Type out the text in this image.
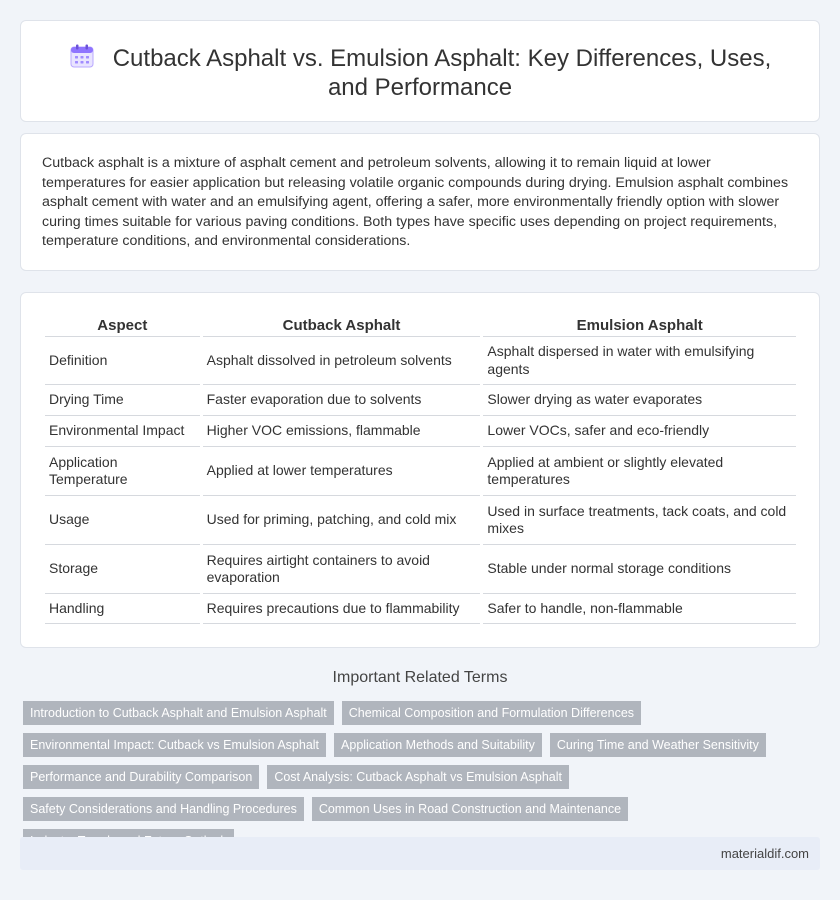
Cutback Asphalt vs. Emulsion Asphalt: Key Differences, Uses, and Performance

Cutback asphalt is a mixture of asphalt cement and petroleum solvents, allowing it to remain liquid at lower temperatures for easier application but releasing volatile organic compounds during drying. Emulsion asphalt combines asphalt cement with water and an emulsifying agent, offering a safer, more environmentally friendly option with slower curing times suitable for various paving conditions. Both types have specific uses depending on project requirements, temperature conditions, and environmental considerations.

Aspect	Cutback Asphalt	Emulsion Asphalt
Definition	Asphalt dissolved in petroleum solvents	Asphalt dispersed in water with emulsifying agents
Drying Time	Faster evaporation due to solvents	Slower drying as water evaporates
Environmental Impact	Higher VOC emissions, flammable	Lower VOCs, safer and eco-friendly
Application Temperature	Applied at lower temperatures	Applied at ambient or slightly elevated temperatures
Usage	Used for priming, patching, and cold mix	Used in surface treatments, tack coats, and cold mixes
Storage	Requires airtight containers to avoid evaporation	Stable under normal storage conditions
Handling	Requires precautions due to flammability	Safer to handle, non-flammable
Important Related Terms
Introduction to Cutback Asphalt and Emulsion Asphalt Chemical Composition and Formulation Differences
Environmental Impact: Cutback vs Emulsion Asphalt Application Methods and Suitability Curing Time and Weather Sensitivity
Performance and Durability Comparison Cost Analysis: Cutback Asphalt vs Emulsion Asphalt
Safety Considerations and Handling Procedures Common Uses in Road Construction and Maintenance
materialdif.com
